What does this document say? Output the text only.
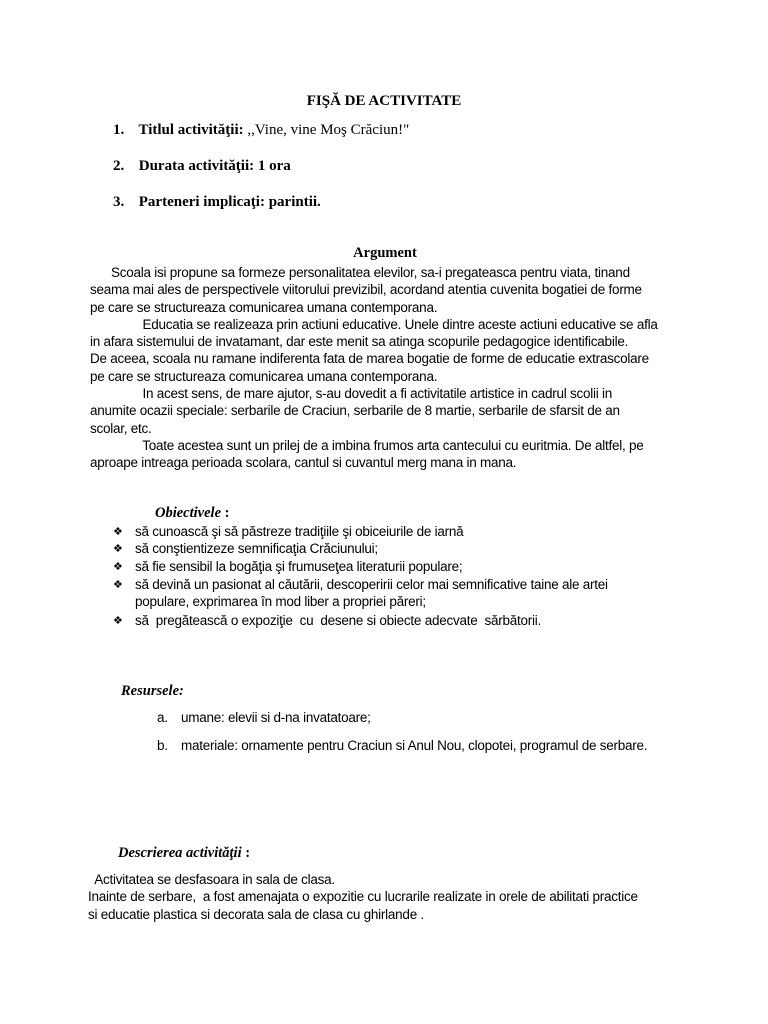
FIŞĂ DE ACTIVITATE
1. Titlul activităţii: ,,Vine, vine Moş Crăciun!"
2. Durata activităţii: 1 ora
3. Parteneri implicaţi: parintii.
Argument
Scoala isi propune sa formeze personalitatea elevilor, sa-i pregateasca pentru viata, tinand
seama mai ales de perspectivele viitorului previzibil, acordand atentia cuvenita bogatiei de forme
pe care se structureaza comunicarea umana contemporana.
Educatia se realizeaza prin actiuni educative. Unele dintre aceste actiuni educative se afla
in afara sistemului de invatamant, dar este menit sa atinga scopurile pedagogice identificabile.
De aceea, scoala nu ramane indiferenta fata de marea bogatie de forme de educatie extrascolare
pe care se structureaza comunicarea umana contemporana.
In acest sens, de mare ajutor, s-au dovedit a fi activitatile artistice in cadrul scolii in
anumite ocazii speciale: serbarile de Craciun, serbarile de 8 martie, serbarile de sfarsit de an
scolar, etc.
Toate acestea sunt un prilej de a imbina frumos arta cantecului cu euritmia. De altfel, pe
aproape intreaga perioada scolara, cantul si cuvantul merg mana in mana.
Obiectivele :
❖ să cunoască şi să păstreze tradiţiile şi obiceiurile de iarnă
❖ să conştientizeze semnificaţia Crăciunului;
❖ să fie sensibil la bogăţia şi frumuseţea literaturii populare;
❖ să devină un pasionat al căutării, descoperirii celor mai semnificative taine ale artei
populare, exprimarea în mod liber a propriei păreri;
❖ să  pregătească o expoziţie  cu  desene si obiecte adecvate  sărbătorii.
Resursele:
a. umane: elevii si d-na invatatoare;
b. materiale: ornamente pentru Craciun si Anul Nou, clopotei, programul de serbare.
Descrierea activităţii :
Activitatea se desfasoara in sala de clasa.
Inainte de serbare,  a fost amenajata o expozitie cu lucrarile realizate in orele de abilitati practice
si educatie plastica si decorata sala de clasa cu ghirlande .
